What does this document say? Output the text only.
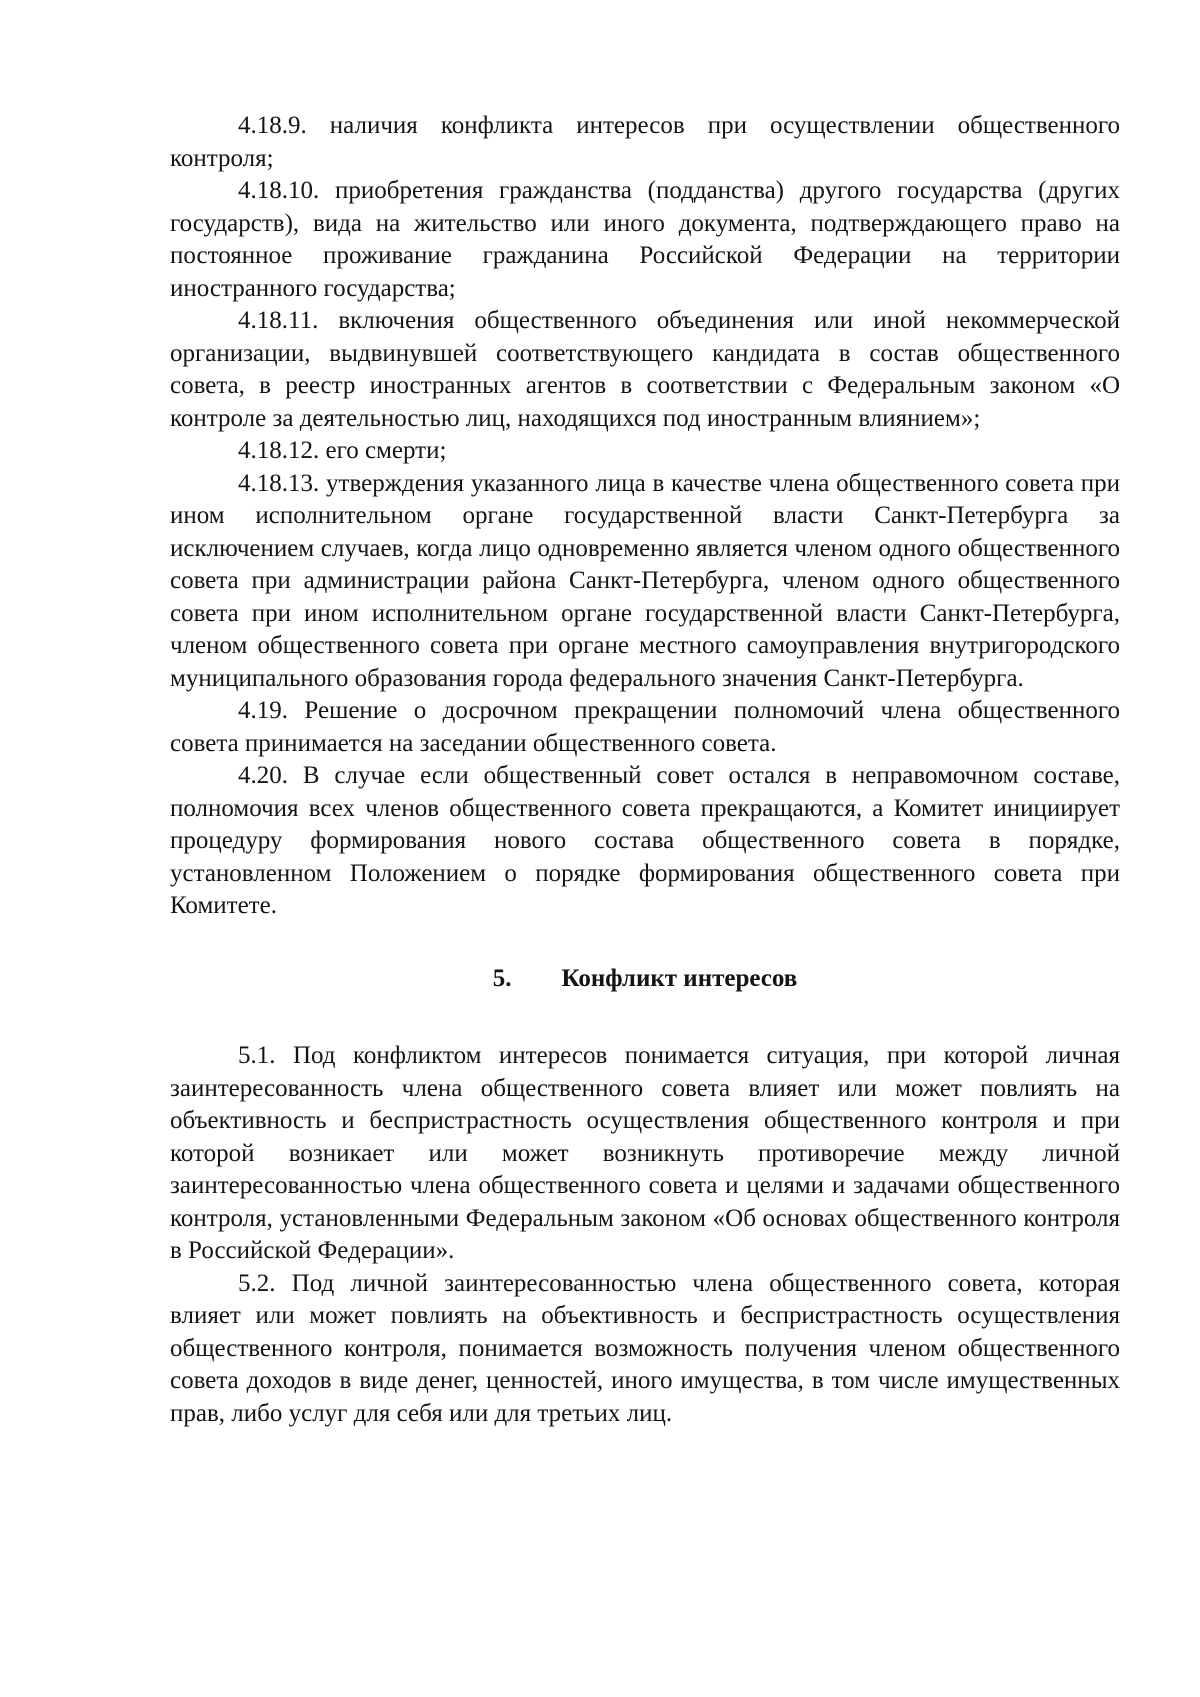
4.18.9. наличия конфликта интересов при осуществлении общественного контроля;

4.18.10. приобретения гражданства (подданства) другого государства (других государств), вида на жительство или иного документа, подтверждающего право на постоянное проживание гражданина Российской Федерации на территории иностранного государства;

4.18.11. включения общественного объединения или иной некоммерческой организации, выдвинувшей соответствующего кандидата в состав общественного совета, в реестр иностранных агентов в соответствии с Федеральным законом «О контроле за деятельностью лиц, находящихся под иностранным влиянием»;

4.18.12. его смерти;

4.18.13. утверждения указанного лица в качестве члена общественного совета при ином исполнительном органе государственной власти Санкт-Петербурга за исключением случаев, когда лицо одновременно является членом одного общественного совета при администрации района Санкт-Петербурга, членом одного общественного совета при ином исполнительном органе государственной власти Санкт-Петербурга, членом общественного совета при органе местного самоуправления внутригородского муниципального образования города федерального значения Санкт-Петербурга.

4.19. Решение о досрочном прекращении полномочий члена общественного совета принимается на заседании общественного совета.

4.20. В случае если общественный совет остался в неправомочном составе, полномочия всех членов общественного совета прекращаются, а Комитет инициирует процедуру формирования нового состава общественного совета в порядке, установленном Положением о порядке формирования общественного совета при Комитете.

5. Конфликт интересов

5.1. Под конфликтом интересов понимается ситуация, при которой личная заинтересованность члена общественного совета влияет или может повлиять на объективность и беспристрастность осуществления общественного контроля и при которой возникает или может возникнуть противоречие между личной заинтересованностью члена общественного совета и целями и задачами общественного контроля, установленными Федеральным законом «Об основах общественного контроля в Российской Федерации».

5.2. Под личной заинтересованностью члена общественного совета, которая влияет или может повлиять на объективность и беспристрастность осуществления общественного контроля, понимается возможность получения членом общественного совета доходов в виде денег, ценностей, иного имущества, в том числе имущественных прав, либо услуг для себя или для третьих лиц.
